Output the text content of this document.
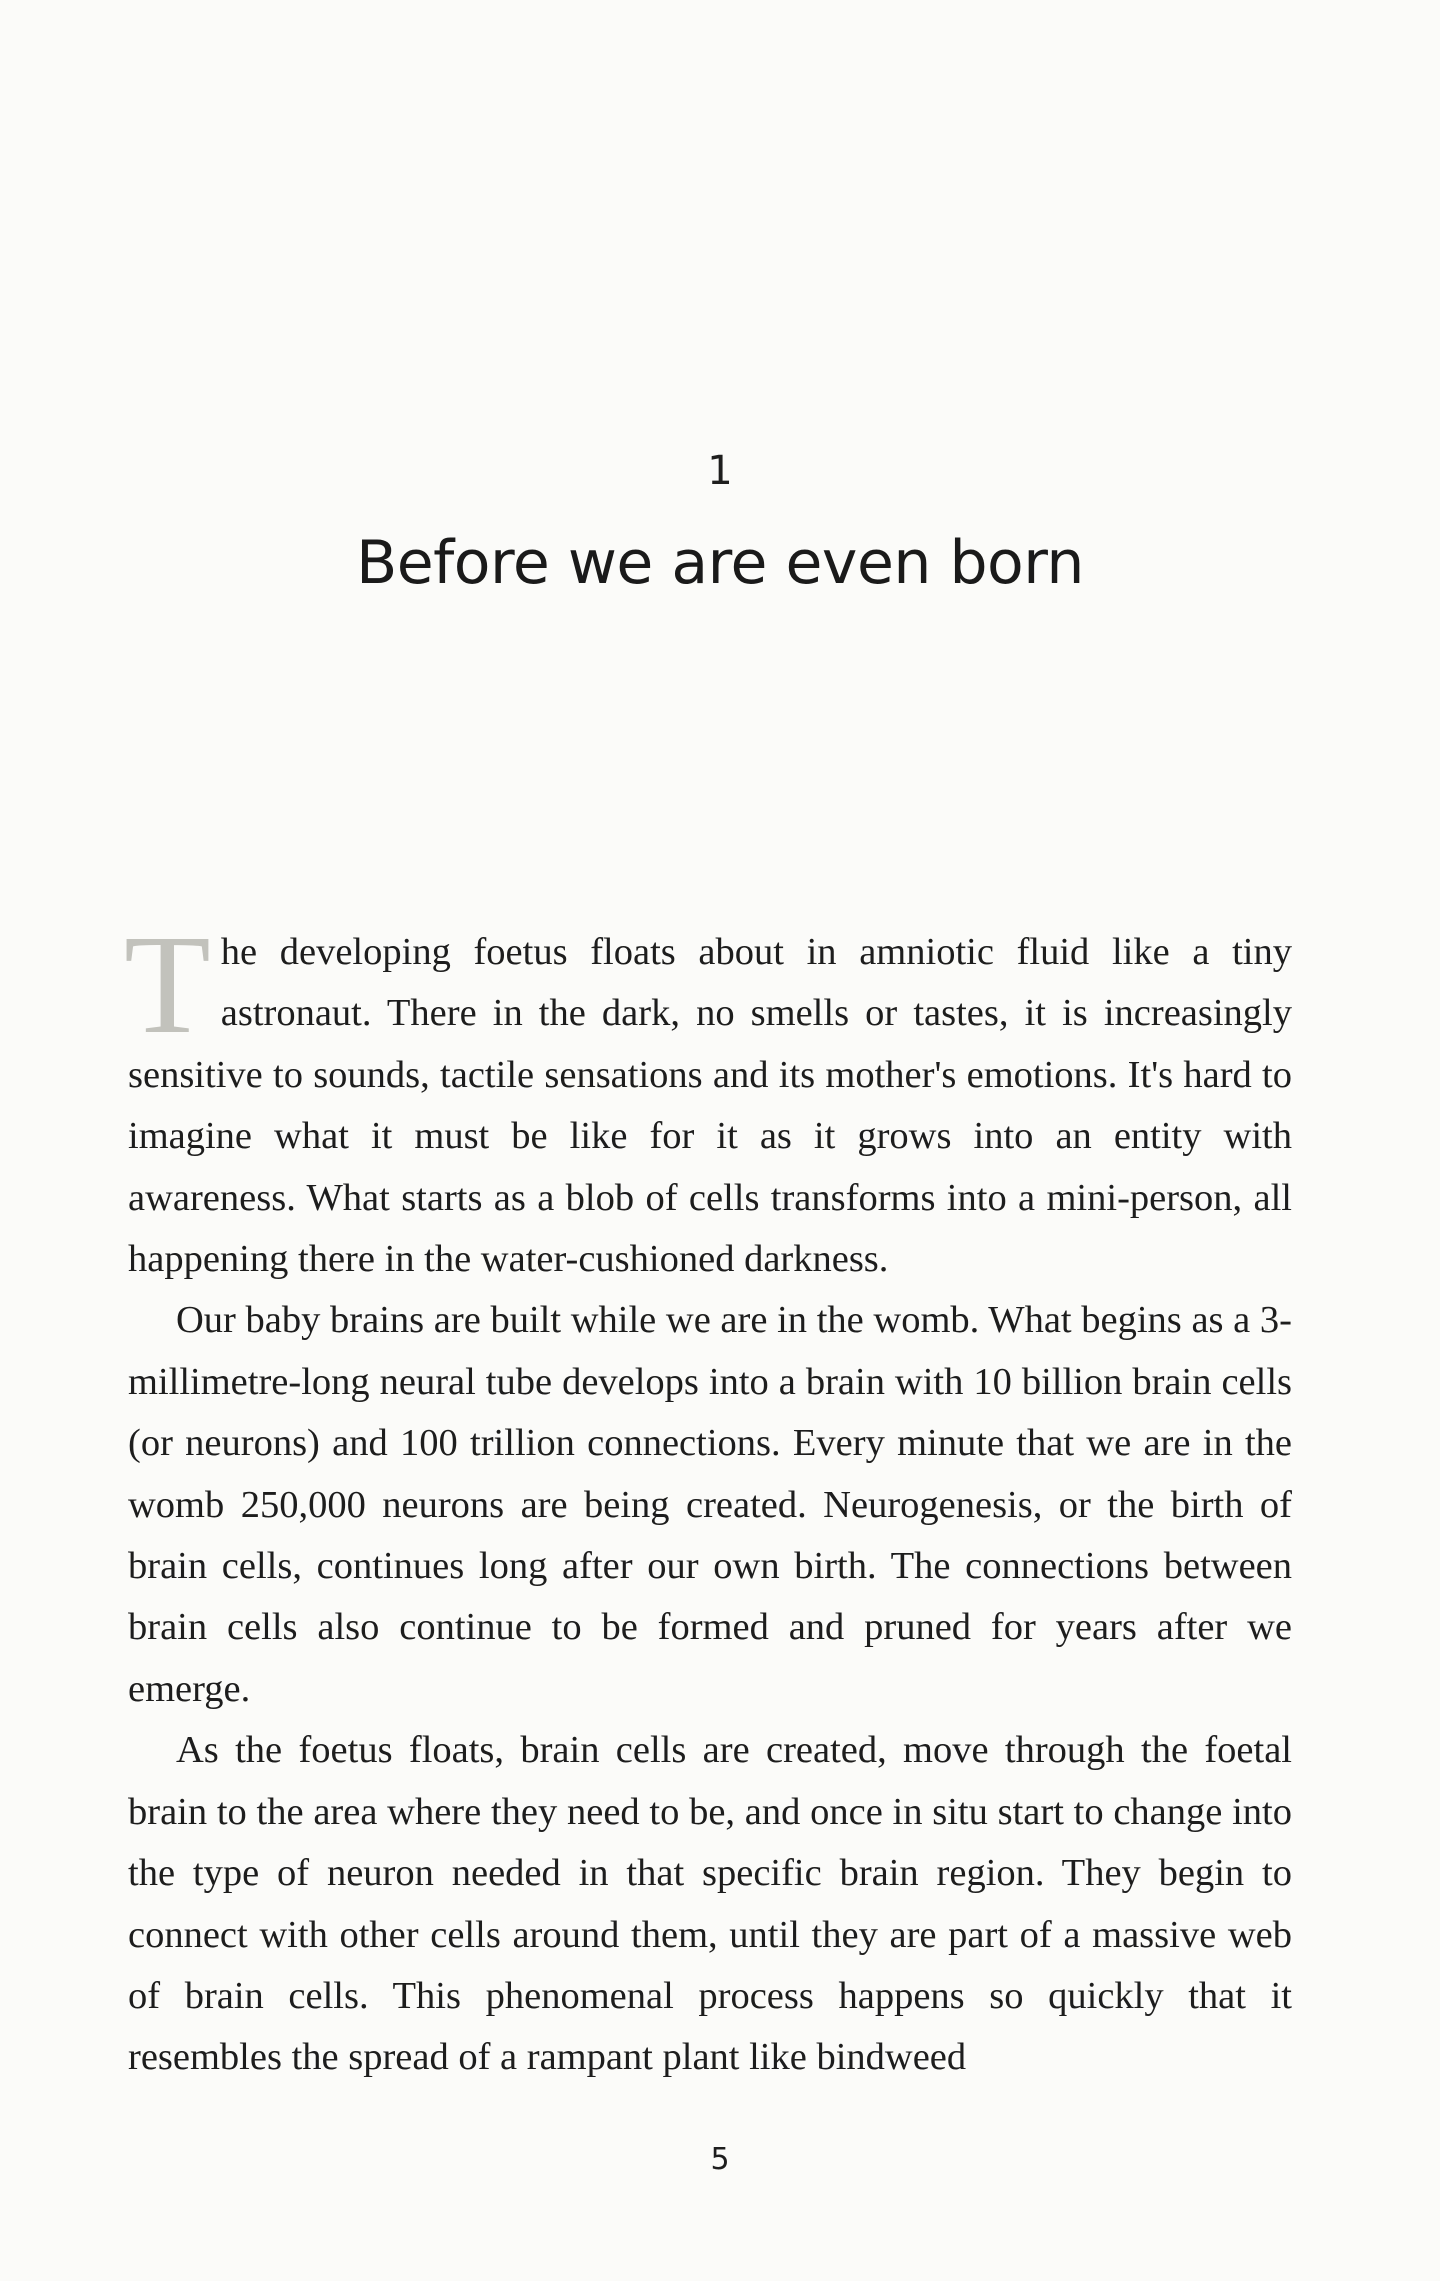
1
Before we are even born

The developing foetus floats about in amniotic fluid like a tiny astronaut. There in the dark, no smells or tastes, it is increasingly sensitive to sounds, tactile sensations and its mother's emotions. It's hard to imagine what it must be like for it as it grows into an entity with awareness. What starts as a blob of cells transforms into a mini-person, all happening there in the water-cushioned darkness.

Our baby brains are built while we are in the womb. What begins as a 3-millimetre-long neural tube develops into a brain with 10 billion brain cells (or neurons) and 100 trillion connections. Every minute that we are in the womb 250,000 neurons are being created. Neurogenesis, or the birth of brain cells, continues long after our own birth. The connections between brain cells also continue to be formed and pruned for years after we emerge.

As the foetus floats, brain cells are created, move through the foetal brain to the area where they need to be, and once in situ start to change into the type of neuron needed in that specific brain region. They begin to connect with other cells around them, until they are part of a massive web of brain cells. This phenomenal process happens so quickly that it resembles the spread of a rampant plant like bindweed

5
